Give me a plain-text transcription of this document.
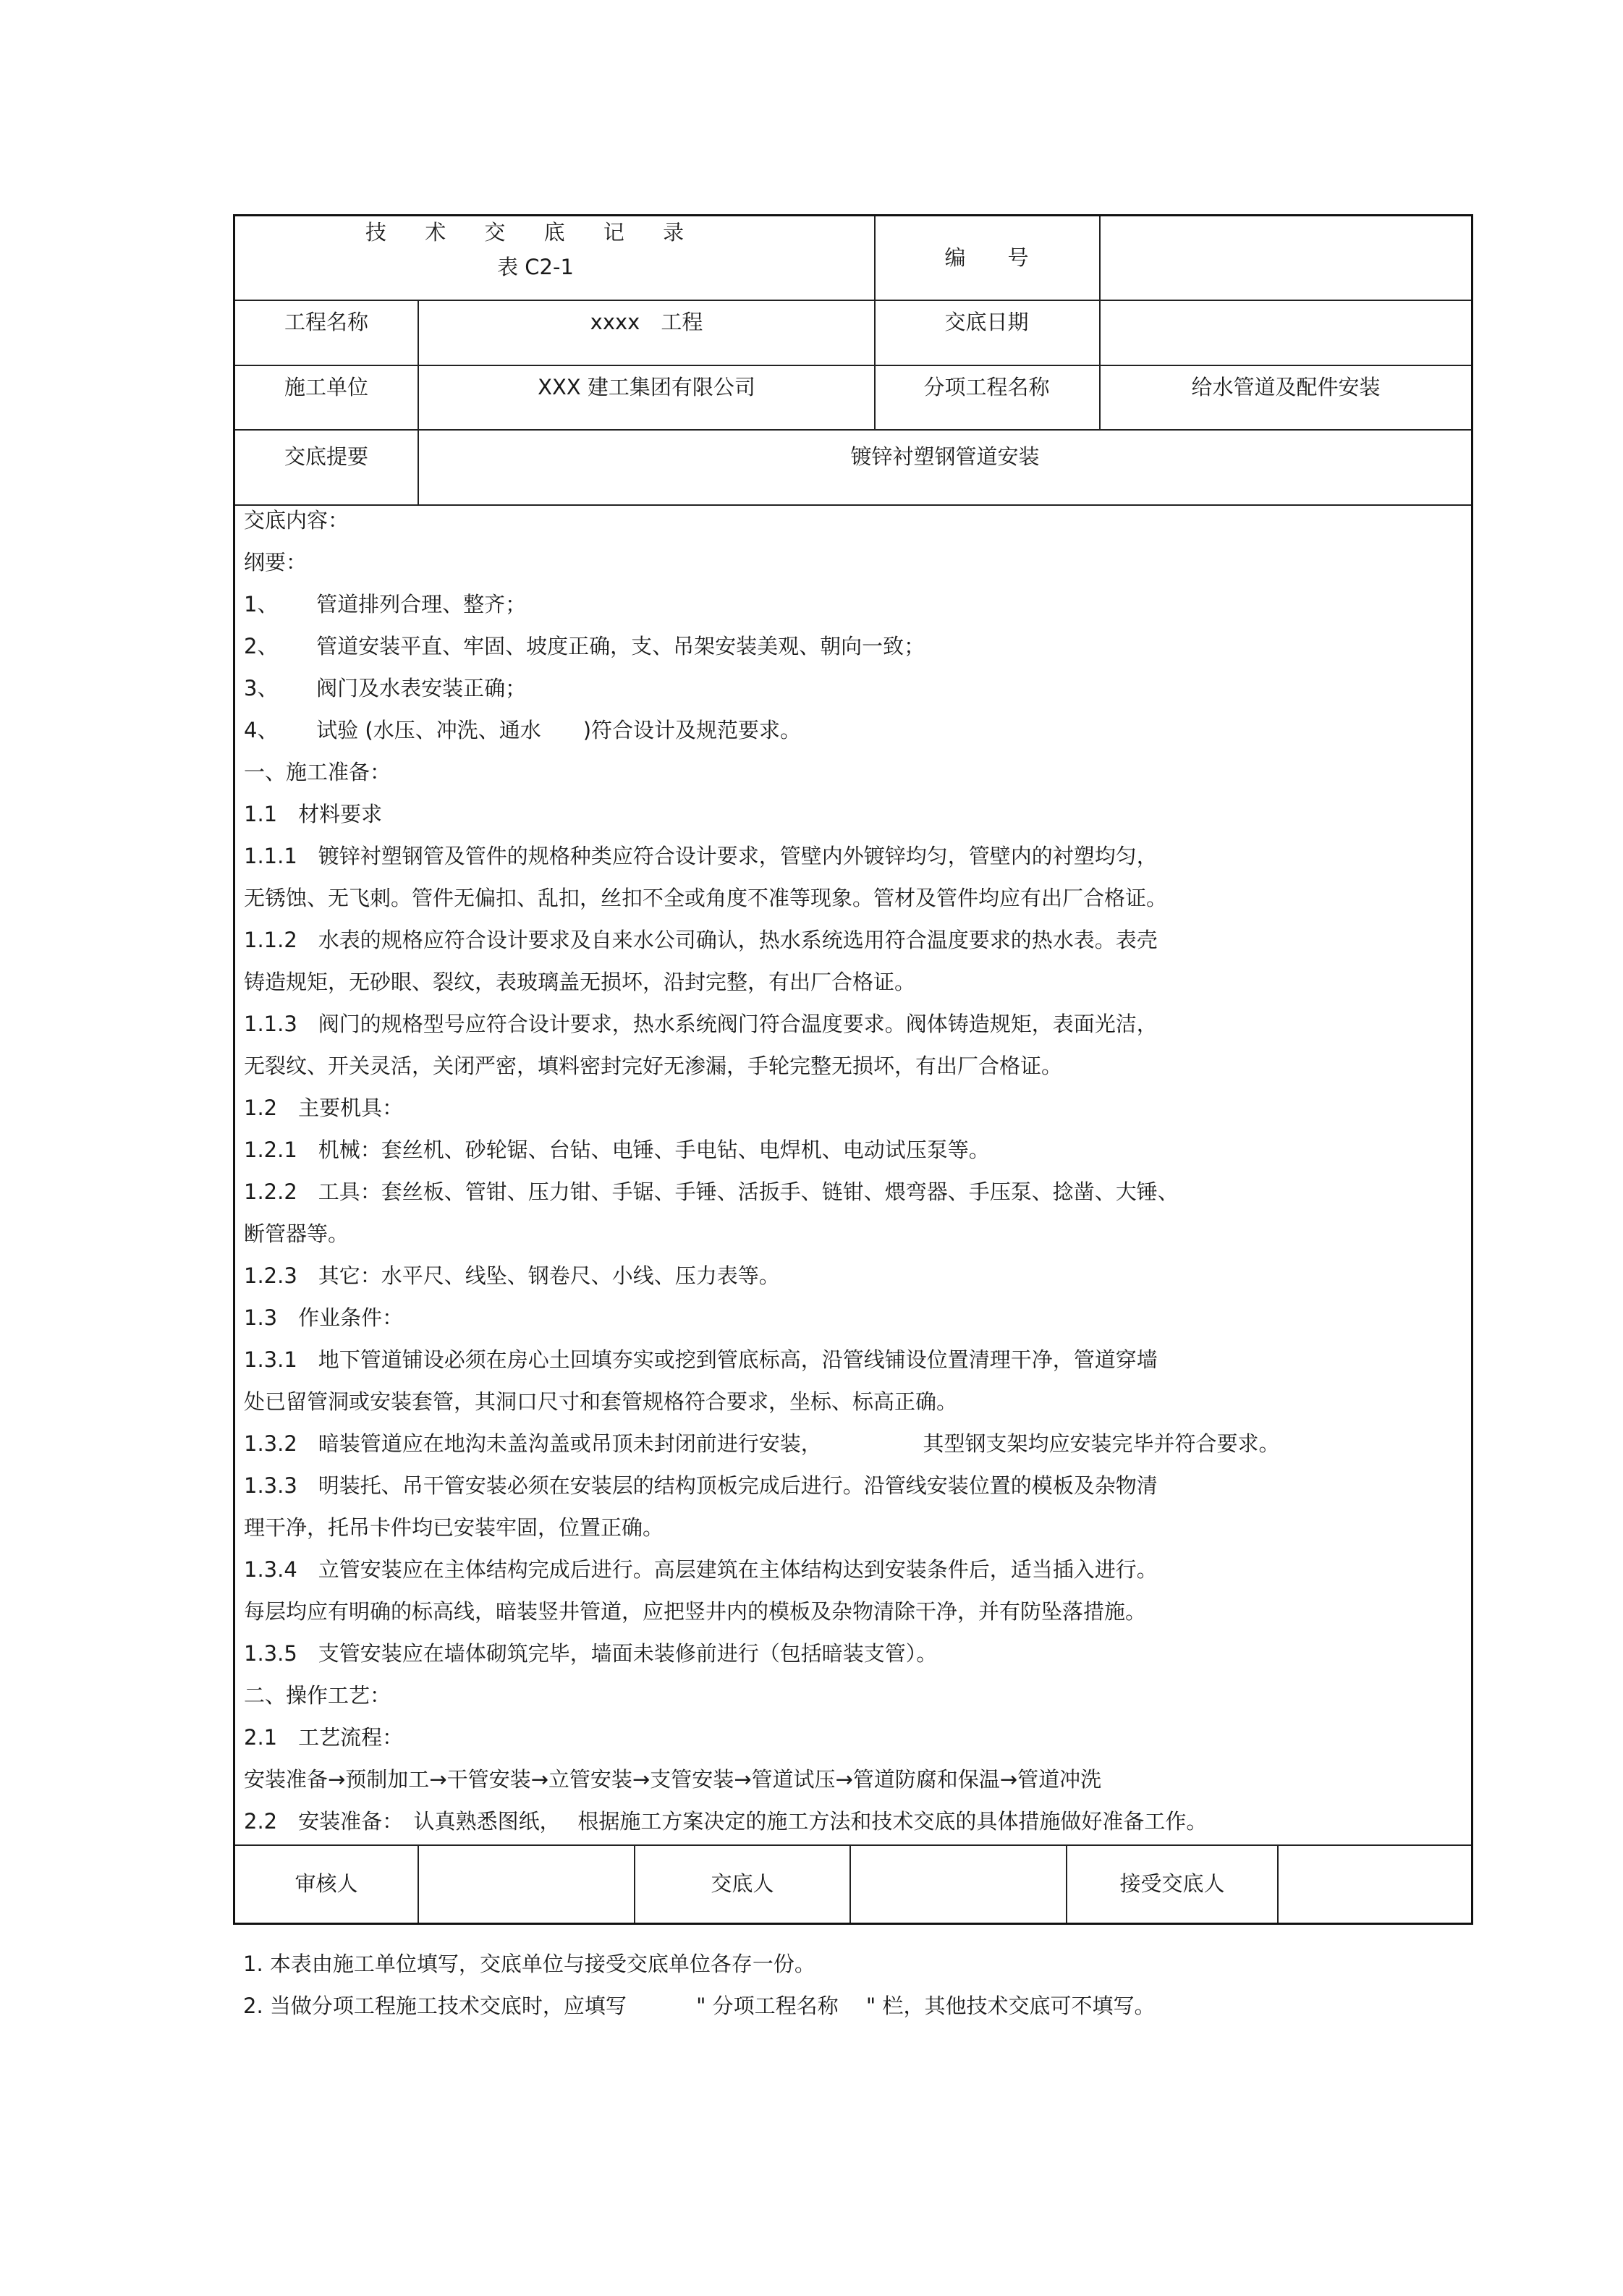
技 术 交 底 记 录
表 C2-1	编　　号
工程名称	xxxx　工程	交底日期
施工单位	XXX 建工集团有限公司	分项工程名称	给水管道及配件安装
交底提要	镀锌衬塑钢管道安装
交底内容：
纲要：
1、　　 管道排列合理、整齐；
2、　　 管道安装平直、牢固、坡度正确，支、吊架安装美观、朝向一致；
3、　　 阀门及水表安装正确；
4、　　 试验 (水压、冲洗、通水　　)符合设计及规范要求。
一、施工准备：
1.1　材料要求
1.1.1　镀锌衬塑钢管及管件的规格种类应符合设计要求，管壁内外镀锌均匀，管壁内的衬塑均匀，
无锈蚀、无飞刺。管件无偏扣、乱扣，丝扣不全或角度不准等现象。管材及管件均应有出厂合格证。
1.1.2　水表的规格应符合设计要求及自来水公司确认，热水系统选用符合温度要求的热水表。表壳
铸造规矩，无砂眼、裂纹，表玻璃盖无损坏，沿封完整，有出厂合格证。
1.1.3　阀门的规格型号应符合设计要求，热水系统阀门符合温度要求。阀体铸造规矩，表面光洁，
无裂纹、开关灵活，关闭严密，填料密封完好无渗漏，手轮完整无损坏，有出厂合格证。
1.2　主要机具：
1.2.1　机械：套丝机、砂轮锯、台钻、电锤、手电钻、电焊机、电动试压泵等。
1.2.2　工具：套丝板、管钳、压力钳、手锯、手锤、活扳手、链钳、煨弯器、手压泵、捻凿、大锤、
断管器等。
1.2.3　其它：水平尺、线坠、钢卷尺、小线、压力表等。
1.3　作业条件：
1.3.1　地下管道铺设必须在房心土回填夯实或挖到管底标高，沿管线铺设位置清理干净，管道穿墙
处已留管洞或安装套管，其洞口尺寸和套管规格符合要求，坐标、标高正确。
1.3.2　暗装管道应在地沟未盖沟盖或吊顶未封闭前进行安装，　　　　　 其型钢支架均应安装完毕并符合要求。
1.3.3　明装托、吊干管安装必须在安装层的结构顶板完成后进行。沿管线安装位置的模板及杂物清
理干净，托吊卡件均已安装牢固，位置正确。
1.3.4　立管安装应在主体结构完成后进行。高层建筑在主体结构达到安装条件后，适当插入进行。
每层均应有明确的标高线，暗装竖井管道，应把竖井内的模板及杂物清除干净，并有防坠落措施。
1.3.5　支管安装应在墙体砌筑完毕，墙面未装修前进行（包括暗装支管）。
二、操作工艺：
2.1　工艺流程：
安装准备→预制加工→干管安装→立管安装→支管安装→管道试压→管道防腐和保温→管道冲洗
2.2　安装准备：　认真熟悉图纸，　 根据施工方案决定的施工方法和技术交底的具体措施做好准备工作。
审核人	交底人	接受交底人
1. 本表由施工单位填写，交底单位与接受交底单位各存一份。
2. 当做分项工程施工技术交底时，应填写　　　 " 分项工程名称　 " 栏，其他技术交底可不填写。
